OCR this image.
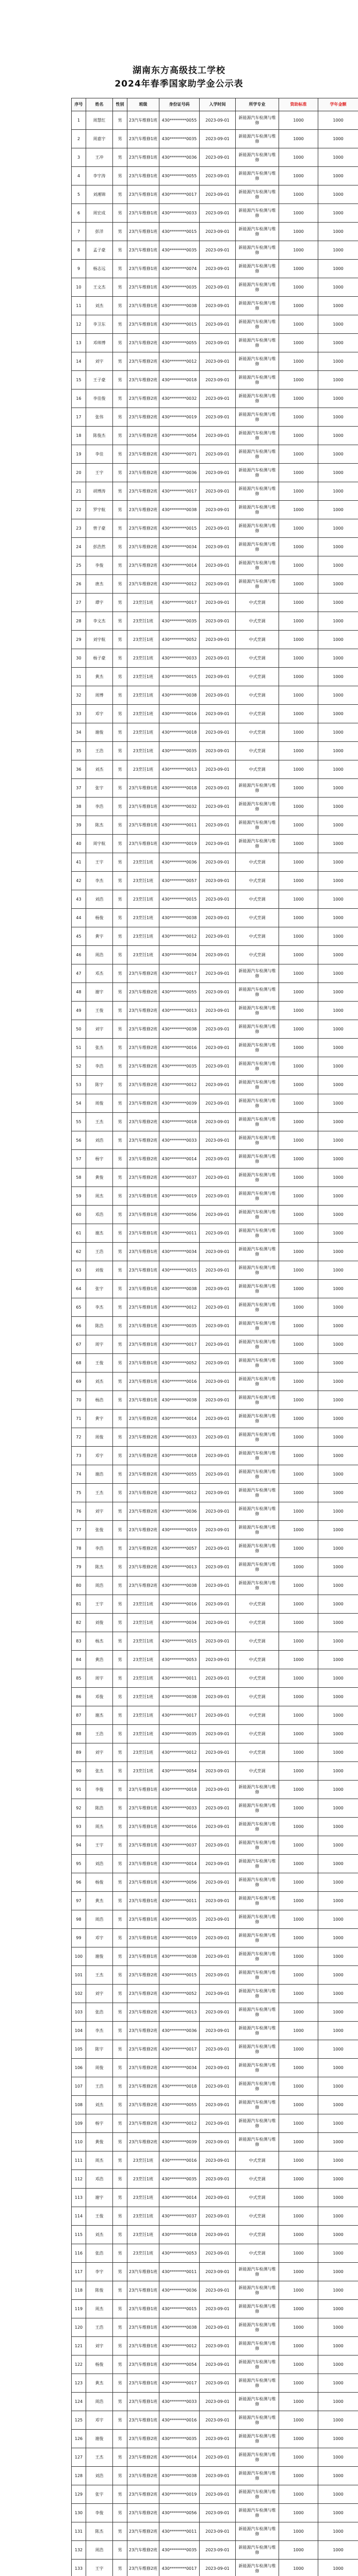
湖南东方高级技工学校
2024年春季国家助学金公示表
序号	姓名	性别	班级	身份证号码	入学时间	所学专业	资助标准	学年金额
1	周慧红	男	23汽车维修1班	430********0055	2023-09-01	新能源汽车检测与维修	1000	1000
2	周嘉宇	男	23汽车维修1班	430********0035	2023-09-01	新能源汽车检测与维修	1000	1000
3	王冲	男	23汽车维修1班	430********0036	2023-09-01	新能源汽车检测与维修	1000	1000
4	李宇涛	男	23汽车维修1班	430********0055	2023-09-01	新能源汽车检测与维修	1000	1000
5	刘湘锦	男	23汽车维修1班	430********0017	2023-09-01	新能源汽车检测与维修	1000	1000
6	周宏成	男	23汽车维修1班	430********0033	2023-09-01	新能源汽车检测与维修	1000	1000
7	彭洋	男	23汽车维修1班	430********0015	2023-09-01	新能源汽车检测与维修	1000	1000
8	孟子豪	男	23汽车维修1班	430********0035	2023-09-01	新能源汽车检测与维修	1000	1000
9	杨志远	男	23汽车维修1班	430********0074	2023-09-01	新能源汽车检测与维修	1000	1000
10	王文杰	男	23汽车维修1班	430********0035	2023-09-01	新能源汽车检测与维修	1000	1000
11	刘杰	男	23汽车维修1班	430********0038	2023-09-01	新能源汽车检测与维修	1000	1000
12	李卫东	男	23汽车维修1班	430********0015	2023-09-01	新能源汽车检测与维修	1000	1000
13	邓帅博	男	23汽车维修2班	430********0055	2023-09-01	新能源汽车检测与维修	1000	1000
14	刘宇	男	23汽车维修2班	430********0012	2023-09-01	新能源汽车检测与维修	1000	1000
15	王子豪	男	23汽车维修2班	430********0018	2023-09-01	新能源汽车检测与维修	1000	1000
16	李佳俊	男	23汽车维修2班	430********0032	2023-09-01	新能源汽车检测与维修	1000	1000
17	张伟	男	23汽车维修2班	430********0019	2023-09-01	新能源汽车检测与维修	1000	1000
18	陈俊杰	男	23汽车维修2班	430********0054	2023-09-01	新能源汽车检测与维修	1000	1000
19	李佳	男	23汽车维修2班	430********0071	2023-09-01	新能源汽车检测与维修	1000	1000
20	王宇	男	23汽车维修2班	430********0036	2023-09-01	新能源汽车检测与维修	1000	1000
21	胡博涛	男	23汽车维修2班	430********0017	2023-09-01	新能源汽车检测与维修	1000	1000
22	罗宇航	男	23汽车维修2班	430********0038	2023-09-01	新能源汽车检测与维修	1000	1000
23	曾子豪	男	23汽车维修2班	430********0015	2023-09-01	新能源汽车检测与维修	1000	1000
24	彭浩然	男	23汽车维修2班	430********0034	2023-09-01	新能源汽车检测与维修	1000	1000
25	李俊	男	23汽车维修2班	430********0014	2023-09-01	新能源汽车检测与维修	1000	1000
26	唐杰	男	23汽车维修2班	430********0012	2023-09-01	新能源汽车检测与维修	1000	1000
27	谭宇	男	23烹饪1班	430********0017	2023-09-01	中式烹调	1000	1000
28	李文杰	男	23烹饪1班	430********0035	2023-09-01	中式烹调	1000	1000
29	刘宇航	男	23烹饪1班	430********0052	2023-09-01	中式烹调	1000	1000
30	杨子豪	男	23烹饪1班	430********0033	2023-09-01	中式烹调	1000	1000
31	黄杰	男	23烹饪1班	430********0015	2023-09-01	中式烹调	1000	1000
32	周博	男	23烹饪1班	430********0038	2023-09-01	中式烹调	1000	1000
33	邓宇	男	23烹饪1班	430********0016	2023-09-01	中式烹调	1000	1000
34	谢俊	男	23烹饪1班	430********0018	2023-09-01	中式烹调	1000	1000
35	王浩	男	23烹饪1班	430********0035	2023-09-01	中式烹调	1000	1000
36	刘杰	男	23烹饪1班	430********0013	2023-09-01	中式烹调	1000	1000
37	张宇	男	23汽车维修1班	430********0018	2023-09-01	新能源汽车检测与维修	1000	1000
38	李浩	男	23汽车维修1班	430********0032	2023-09-01	新能源汽车检测与维修	1000	1000
39	陈杰	男	23汽车维修1班	430********0011	2023-09-01	新能源汽车检测与维修	1000	1000
40	周宇航	男	23汽车维修1班	430********0019	2023-09-01	新能源汽车检测与维修	1000	1000
41	王宇	男	23烹饪1班	430********0036	2023-09-01	中式烹调	1000	1000
42	李杰	男	23烹饪1班	430********0057	2023-09-01	中式烹调	1000	1000
43	刘浩	男	23烹饪1班	430********0015	2023-09-01	中式烹调	1000	1000
44	杨俊	男	23烹饪1班	430********0038	2023-09-01	中式烹调	1000	1000
45	黄宇	男	23烹饪1班	430********0012	2023-09-01	中式烹调	1000	1000
46	周浩	男	23烹饪1班	430********0034	2023-09-01	中式烹调	1000	1000
47	邓杰	男	23汽车维修2班	430********0017	2023-09-01	新能源汽车检测与维修	1000	1000
48	谢宇	男	23汽车维修2班	430********0055	2023-09-01	新能源汽车检测与维修	1000	1000
49	王俊	男	23汽车维修2班	430********0013	2023-09-01	新能源汽车检测与维修	1000	1000
50	刘宇	男	23汽车维修2班	430********0038	2023-09-01	新能源汽车检测与维修	1000	1000
51	张杰	男	23汽车维修2班	430********0016	2023-09-01	新能源汽车检测与维修	1000	1000
52	李浩	男	23汽车维修2班	430********0035	2023-09-01	新能源汽车检测与维修	1000	1000
53	陈宇	男	23汽车维修2班	430********0012	2023-09-01	新能源汽车检测与维修	1000	1000
54	周俊	男	23汽车维修2班	430********0039	2023-09-01	新能源汽车检测与维修	1000	1000
55	王杰	男	23汽车维修2班	430********0018	2023-09-01	新能源汽车检测与维修	1000	1000
56	刘浩	男	23汽车维修2班	430********0033	2023-09-01	新能源汽车检测与维修	1000	1000
57	杨宇	男	23汽车维修2班	430********0014	2023-09-01	新能源汽车检测与维修	1000	1000
58	黄俊	男	23汽车维修2班	430********0037	2023-09-01	新能源汽车检测与维修	1000	1000
59	周杰	男	23汽车维修1班	430********0019	2023-09-01	新能源汽车检测与维修	1000	1000
60	邓浩	男	23汽车维修1班	430********0056	2023-09-01	新能源汽车检测与维修	1000	1000
61	谢杰	男	23汽车维修1班	430********0011	2023-09-01	新能源汽车检测与维修	1000	1000
62	王浩	男	23汽车维修1班	430********0034	2023-09-01	新能源汽车检测与维修	1000	1000
63	刘俊	男	23汽车维修1班	430********0015	2023-09-01	新能源汽车检测与维修	1000	1000
64	张宇	男	23汽车维修1班	430********0038	2023-09-01	新能源汽车检测与维修	1000	1000
65	李杰	男	23汽车维修1班	430********0012	2023-09-01	新能源汽车检测与维修	1000	1000
66	陈浩	男	23汽车维修1班	430********0035	2023-09-01	新能源汽车检测与维修	1000	1000
67	周宇	男	23汽车维修1班	430********0017	2023-09-01	新能源汽车检测与维修	1000	1000
68	王俊	男	23汽车维修1班	430********0052	2023-09-01	新能源汽车检测与维修	1000	1000
69	刘杰	男	23汽车维修1班	430********0016	2023-09-01	新能源汽车检测与维修	1000	1000
70	杨浩	男	23汽车维修1班	430********0038	2023-09-01	新能源汽车检测与维修	1000	1000
71	黄宇	男	23汽车维修2班	430********0014	2023-09-01	新能源汽车检测与维修	1000	1000
72	周俊	男	23汽车维修2班	430********0033	2023-09-01	新能源汽车检测与维修	1000	1000
73	邓宇	男	23汽车维修2班	430********0018	2023-09-01	新能源汽车检测与维修	1000	1000
74	谢浩	男	23汽车维修2班	430********0055	2023-09-01	新能源汽车检测与维修	1000	1000
75	王杰	男	23汽车维修2班	430********0012	2023-09-01	新能源汽车检测与维修	1000	1000
76	刘宇	男	23汽车维修2班	430********0036	2023-09-01	新能源汽车检测与维修	1000	1000
77	张俊	男	23汽车维修2班	430********0019	2023-09-01	新能源汽车检测与维修	1000	1000
78	李浩	男	23汽车维修2班	430********0057	2023-09-01	新能源汽车检测与维修	1000	1000
79	陈杰	男	23汽车维修2班	430********0013	2023-09-01	新能源汽车检测与维修	1000	1000
80	周浩	男	23汽车维修2班	430********0038	2023-09-01	新能源汽车检测与维修	1000	1000
81	王宇	男	23烹饪1班	430********0016	2023-09-01	中式烹调	1000	1000
82	刘俊	男	23烹饪1班	430********0034	2023-09-01	中式烹调	1000	1000
83	杨杰	男	23烹饪1班	430********0015	2023-09-01	中式烹调	1000	1000
84	黄浩	男	23烹饪1班	430********0053	2023-09-01	中式烹调	1000	1000
85	周宇	男	23烹饪1班	430********0011	2023-09-01	中式烹调	1000	1000
86	邓俊	男	23烹饪1班	430********0038	2023-09-01	中式烹调	1000	1000
87	谢杰	男	23烹饪1班	430********0017	2023-09-01	中式烹调	1000	1000
88	王浩	男	23烹饪1班	430********0035	2023-09-01	中式烹调	1000	1000
89	刘宇	男	23烹饪1班	430********0012	2023-09-01	中式烹调	1000	1000
90	张杰	男	23烹饪1班	430********0054	2023-09-01	中式烹调	1000	1000
91	李俊	男	23汽车维修1班	430********0018	2023-09-01	新能源汽车检测与维修	1000	1000
92	陈浩	男	23汽车维修1班	430********0033	2023-09-01	新能源汽车检测与维修	1000	1000
93	周杰	男	23汽车维修1班	430********0016	2023-09-01	新能源汽车检测与维修	1000	1000
94	王宇	男	23汽车维修1班	430********0037	2023-09-01	新能源汽车检测与维修	1000	1000
95	刘浩	男	23汽车维修1班	430********0014	2023-09-01	新能源汽车检测与维修	1000	1000
96	杨俊	男	23汽车维修1班	430********0056	2023-09-01	新能源汽车检测与维修	1000	1000
97	黄杰	男	23汽车维修1班	430********0011	2023-09-01	新能源汽车检测与维修	1000	1000
98	周浩	男	23汽车维修1班	430********0035	2023-09-01	新能源汽车检测与维修	1000	1000
99	邓宇	男	23汽车维修1班	430********0019	2023-09-01	新能源汽车检测与维修	1000	1000
100	谢俊	男	23汽车维修1班	430********0038	2023-09-01	新能源汽车检测与维修	1000	1000
101	王杰	男	23汽车维修2班	430********0015	2023-09-01	新能源汽车检测与维修	1000	1000
102	刘宇	男	23汽车维修2班	430********0052	2023-09-01	新能源汽车检测与维修	1000	1000
103	张浩	男	23汽车维修2班	430********0013	2023-09-01	新能源汽车检测与维修	1000	1000
104	李杰	男	23汽车维修2班	430********0036	2023-09-01	新能源汽车检测与维修	1000	1000
105	陈宇	男	23汽车维修2班	430********0017	2023-09-01	新能源汽车检测与维修	1000	1000
106	周俊	男	23汽车维修2班	430********0034	2023-09-01	新能源汽车检测与维修	1000	1000
107	王浩	男	23汽车维修2班	430********0018	2023-09-01	新能源汽车检测与维修	1000	1000
108	刘杰	男	23汽车维修2班	430********0055	2023-09-01	新能源汽车检测与维修	1000	1000
109	杨宇	男	23汽车维修2班	430********0012	2023-09-01	新能源汽车检测与维修	1000	1000
110	黄俊	男	23汽车维修2班	430********0039	2023-09-01	新能源汽车检测与维修	1000	1000
111	周杰	男	23烹饪1班	430********0016	2023-09-01	中式烹调	1000	1000
112	邓浩	男	23烹饪1班	430********0035	2023-09-01	中式烹调	1000	1000
113	谢宇	男	23烹饪1班	430********0014	2023-09-01	中式烹调	1000	1000
114	王俊	男	23烹饪1班	430********0037	2023-09-01	中式烹调	1000	1000
115	刘杰	男	23烹饪1班	430********0018	2023-09-01	中式烹调	1000	1000
116	张浩	男	23烹饪1班	430********0053	2023-09-01	中式烹调	1000	1000
117	李宇	男	23汽车维修1班	430********0011	2023-09-01	新能源汽车检测与维修	1000	1000
118	陈俊	男	23汽车维修1班	430********0036	2023-09-01	新能源汽车检测与维修	1000	1000
119	周杰	男	23汽车维修1班	430********0015	2023-09-01	新能源汽车检测与维修	1000	1000
120	王浩	男	23汽车维修1班	430********0038	2023-09-01	新能源汽车检测与维修	1000	1000
121	刘宇	男	23汽车维修1班	430********0012	2023-09-01	新能源汽车检测与维修	1000	1000
122	杨俊	男	23汽车维修1班	430********0054	2023-09-01	新能源汽车检测与维修	1000	1000
123	黄杰	男	23汽车维修1班	430********0017	2023-09-01	新能源汽车检测与维修	1000	1000
124	周浩	男	23汽车维修1班	430********0033	2023-09-01	新能源汽车检测与维修	1000	1000
125	邓宇	男	23汽车维修1班	430********0016	2023-09-01	新能源汽车检测与维修	1000	1000
126	谢俊	男	23汽车维修2班	430********0035	2023-09-01	新能源汽车检测与维修	1000	1000
127	王杰	男	23汽车维修2班	430********0014	2023-09-01	新能源汽车检测与维修	1000	1000
128	刘浩	男	23汽车维修2班	430********0038	2023-09-01	新能源汽车检测与维修	1000	1000
129	张宇	男	23汽车维修2班	430********0019	2023-09-01	新能源汽车检测与维修	1000	1000
130	李俊	男	23汽车维修2班	430********0056	2023-09-01	新能源汽车检测与维修	1000	1000
131	陈杰	男	23汽车维修2班	430********0011	2023-09-01	新能源汽车检测与维修	1000	1000
132	周浩	男	23汽车维修2班	430********0035	2023-09-01	新能源汽车检测与维修	1000	1000
133	王宇	男	23汽车维修2班	430********0017	2023-09-01	新能源汽车检测与维修	1000	1000
